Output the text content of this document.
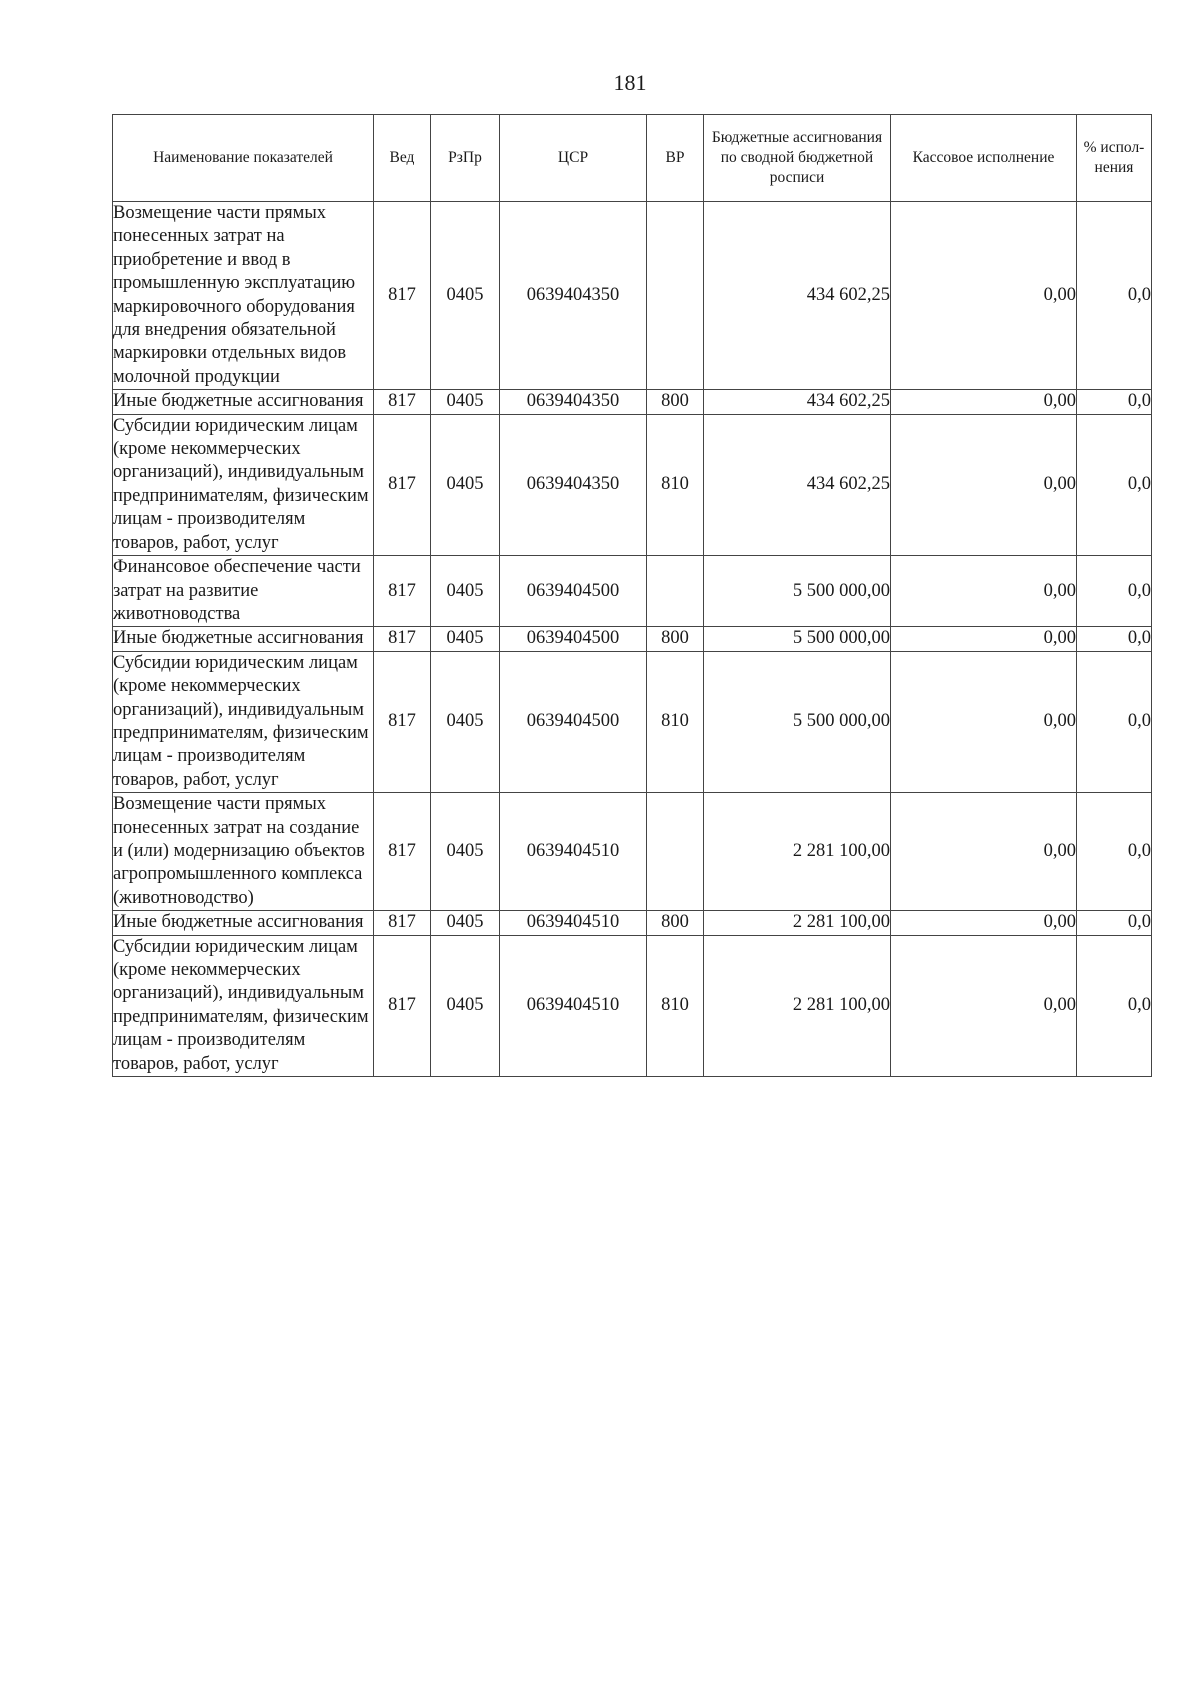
181
Наименование показателей	Вед	РзПр	ЦСР	ВР	Бюджетные ассигнования по сводной бюджетной росписи	Кассовое исполнение	% испол-нения
Возмещение части прямых понесенных затрат на приобретение и ввод в промышленную эксплуатацию маркировочного оборудования для внедрения обязательной маркировки отдельных видов молочной продукции	817	0405	0639404350		434 602,25	0,00	0,0
Иные бюджетные ассигнования	817	0405	0639404350	800	434 602,25	0,00	0,0
Субсидии юридическим лицам (кроме некоммерческих организаций), индивидуальным предпринимателям, физическим лицам - производителям товаров, работ, услуг	817	0405	0639404350	810	434 602,25	0,00	0,0
Финансовое обеспечение части затрат на развитие животноводства	817	0405	0639404500		5 500 000,00	0,00	0,0
Иные бюджетные ассигнования	817	0405	0639404500	800	5 500 000,00	0,00	0,0
Субсидии юридическим лицам (кроме некоммерческих организаций), индивидуальным предпринимателям, физическим лицам - производителям товаров, работ, услуг	817	0405	0639404500	810	5 500 000,00	0,00	0,0
Возмещение части прямых понесенных затрат на создание и (или) модернизацию объектов агропромышленного комплекса (животноводство)	817	0405	0639404510		2 281 100,00	0,00	0,0
Иные бюджетные ассигнования	817	0405	0639404510	800	2 281 100,00	0,00	0,0
Субсидии юридическим лицам (кроме некоммерческих организаций), индивидуальным предпринимателям, физическим лицам - производителям товаров, работ, услуг	817	0405	0639404510	810	2 281 100,00	0,00	0,0
